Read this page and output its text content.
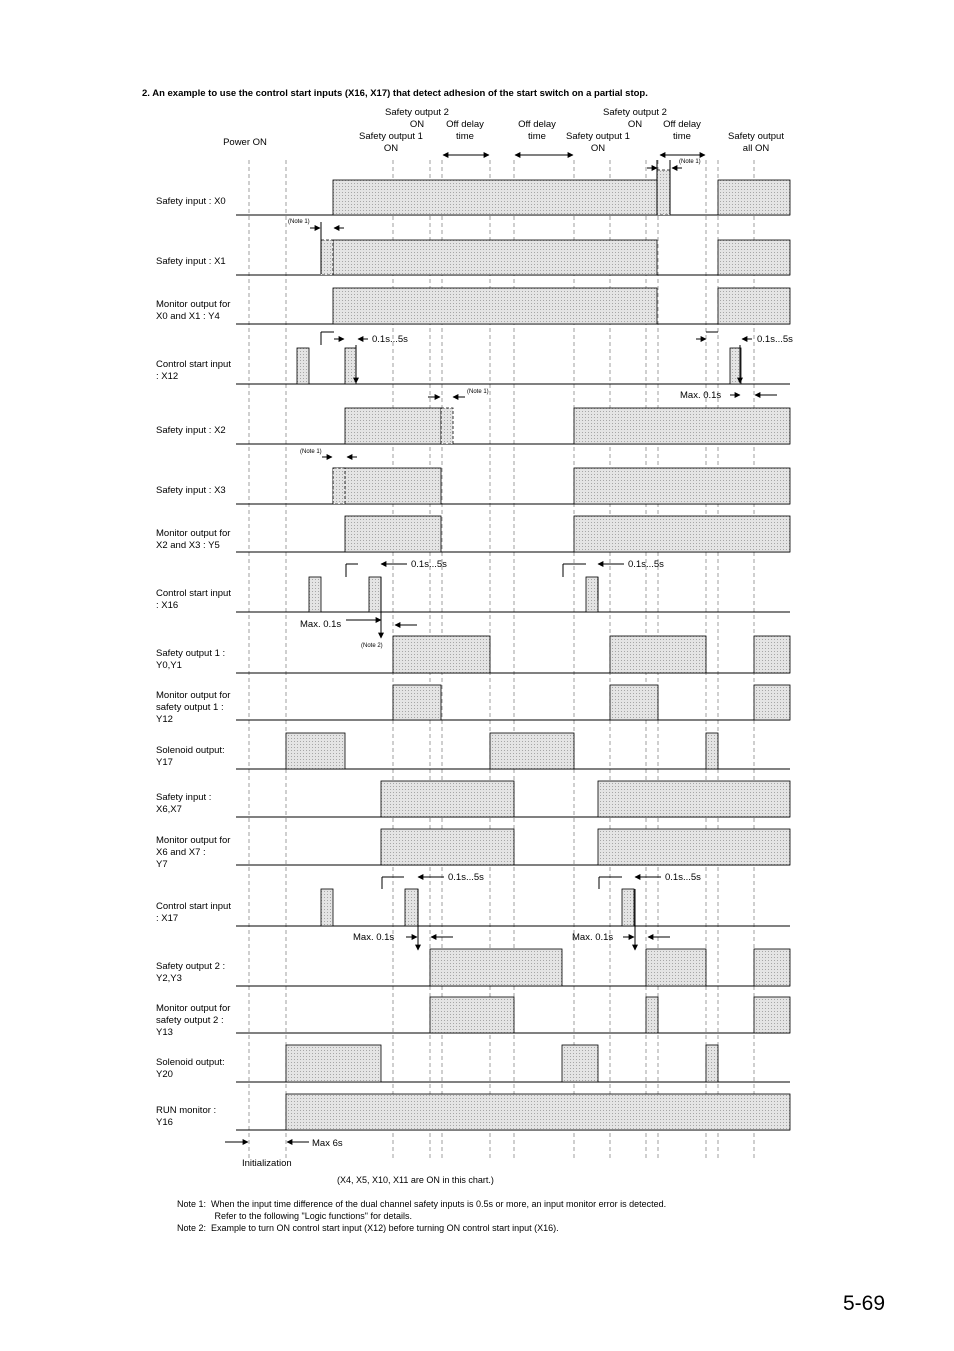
2. An example to use the control start inputs (X16, X17) that detect adhesion of the start switch on a partial stop.
Power ON
Safety output 2
ON
Safety output 1
ON
Off delay
time
Off delay
time
Safety output 2
ON
Safety output 1
ON
Off delay
time	Safety output
all ON
Safety input : X0
Safety input : X1
Monitor output for
X0 and X1 : Y4
Control start input
: X12
Safety input : X2
Safety input : X3
Monitor output for
X2 and X3 : Y5
Control start input
: X16
Safety output 1 :
Y0,Y1
Monitor output for
safety output 1 :
Y12
Solenoid output:
Y17
Safety input :
X6,X7
Monitor output for
X6 and X7 :
Y7
Control start input
: X17
Safety output 2 :
Y2,Y3
Monitor output for
safety output 2 :
Y13
Solenoid output:
Y20
RUN monitor :
Y16
(Note 1)
(Note 1)
(Note 1)
(Note 1)
(Note 2)
0.1s...5s	0.1s...5s
0.1s...5s	0.1s...5s
0.1s...5s	0.1s...5s
Max. 0.1s
Max. 0.1s
Max. 0.1s	Max. 0.1s
Max 6s
Initialization
(X4, X5, X10, X11 are ON in this chart.)
Note 1:  When the input time difference of the dual channel safety inputs is 0.5s or more, an input monitor error is detected.
Refer to the following "Logic functions" for details.
Note 2:  Example to turn ON control start input (X12) before turning ON control start input (X16).
5-69
